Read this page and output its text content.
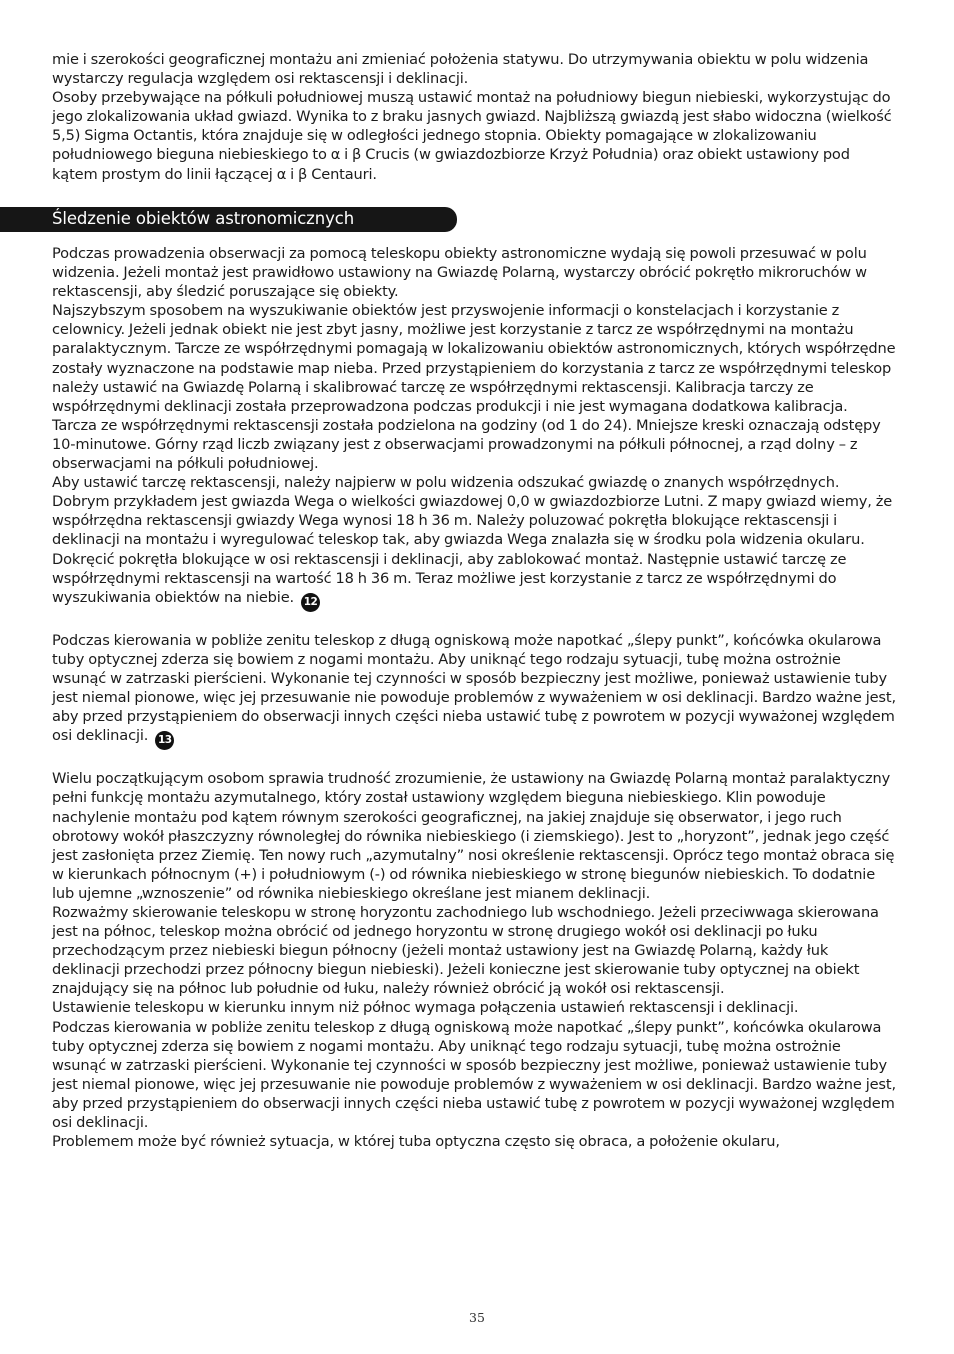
mie i szerokości geograficznej montażu ani zmieniać położenia statywu. Do utrzymywania obiektu w polu widzenia wystarczy regulacja względem osi rektascensji i deklinacji.

Osoby przebywające na półkuli południowej muszą ustawić montaż na południowy biegun niebieski, wykorzystując do jego zlokalizowania układ gwiazd. Wynika to z braku jasnych gwiazd. Najbliższą gwiazdą jest słabo widoczna (wielkość 5,5) Sigma Octantis, która znajduje się w odległości jednego stopnia. Obiekty pomagające w zlokalizowaniu południowego bieguna niebieskiego to α i β Crucis (w gwiazdozbiorze Krzyż Południa) oraz obiekt ustawiony pod kątem prostym do linii łączącej α i β Centauri.

Śledzenie obiektów astronomicznych

Podczas prowadzenia obserwacji za pomocą teleskopu obiekty astronomiczne wydają się powoli przesuwać w polu widzenia. Jeżeli montaż jest prawidłowo ustawiony na Gwiazdę Polarną, wystarczy obrócić pokrętło mikroruchów w rektascensji, aby śledzić poruszające się obiekty.

Najszybszym sposobem na wyszukiwanie obiektów jest przyswojenie informacji o konstelacjach i korzystanie z celownicy. Jeżeli jednak obiekt nie jest zbyt jasny, możliwe jest korzystanie z tarcz ze współrzędnymi na montażu paralaktycznym. Tarcze ze współrzędnymi pomagają w lokalizowaniu obiektów astronomicznych, których współrzędne zostały wyznaczone na podstawie map nieba. Przed przystąpieniem do korzystania z tarcz ze współrzędnymi teleskop należy ustawić na Gwiazdę Polarną i skalibrować tarczę ze współrzędnymi rektascensji. Kalibracja tarczy ze współrzędnymi deklinacji została przeprowadzona podczas produkcji i nie jest wymagana dodatkowa kalibracja.

Tarcza ze współrzędnymi rektascensji została podzielona na godziny (od 1 do 24). Mniejsze kreski oznaczają odstępy 10-minutowe. Górny rząd liczb związany jest z obserwacjami prowadzonymi na półkuli północnej, a rząd dolny – z obserwacjami na półkuli południowej.

Aby ustawić tarczę rektascensji, należy najpierw w polu widzenia odszukać gwiazdę o znanych współrzędnych. Dobrym przykładem jest gwiazda Wega o wielkości gwiazdowej 0,0 w gwiazdozbiorze Lutni. Z mapy gwiazd wiemy, że współrzędna rektascensji gwiazdy Wega wynosi 18 h 36 m. Należy poluzować pokrętła blokujące rektascensji i deklinacji na montażu i wyregulować teleskop tak, aby gwiazda Wega znalazła się w środku pola widzenia okularu. Dokręcić pokrętła blokujące w osi rektascensji i deklinacji, aby zablokować montaż. Następnie ustawić tarczę ze współrzędnymi rektascensji na wartość 18 h 36 m. Teraz możliwe jest korzystanie z tarcz ze współrzędnymi do wyszukiwania obiektów na niebie. 12

Podczas kierowania w pobliże zenitu teleskop z długą ogniskową może napotkać „ślepy punkt”, końcówka okularowa tuby optycznej zderza się bowiem z nogami montażu. Aby uniknąć tego rodzaju sytuacji, tubę można ostrożnie wsunąć w zatrzaski pierścieni. Wykonanie tej czynności w sposób bezpieczny jest możliwe, ponieważ ustawienie tuby jest niemal pionowe, więc jej przesuwanie nie powoduje problemów z wyważeniem w osi deklinacji. Bardzo ważne jest, aby przed przystąpieniem do obserwacji innych części nieba ustawić tubę z powrotem w pozycji wyważonej względem osi deklinacji. 13

Wielu początkującym osobom sprawia trudność zrozumienie, że ustawiony na Gwiazdę Polarną montaż paralaktyczny pełni funkcję montażu azymutalnego, który został ustawiony względem bieguna niebieskiego. Klin powoduje nachylenie montażu pod kątem równym szerokości geograficznej, na jakiej znajduje się obserwator, i jego ruch obrotowy wokół płaszczyzny równoległej do równika niebieskiego (i ziemskiego). Jest to „horyzont”, jednak jego część jest zasłonięta przez Ziemię. Ten nowy ruch „azymutalny” nosi określenie rektascensji. Oprócz tego montaż obraca się w kierunkach północnym (+) i południowym (-) od równika niebieskiego w stronę biegunów niebieskich. To dodatnie lub ujemne „wznoszenie” od równika niebieskiego określane jest mianem deklinacji.

Rozważmy skierowanie teleskopu w stronę horyzontu zachodniego lub wschodniego. Jeżeli przeciwwaga skierowana jest na północ, teleskop można obrócić od jednego horyzontu w stronę drugiego wokół osi deklinacji po łuku przechodzącym przez niebieski biegun północny (jeżeli montaż ustawiony jest na Gwiazdę Polarną, każdy łuk deklinacji przechodzi przez północny biegun niebieski). Jeżeli konieczne jest skierowanie tuby optycznej na obiekt znajdujący się na północ lub południe od łuku, należy również obrócić ją wokół osi rektascensji.

Ustawienie teleskopu w kierunku innym niż północ wymaga połączenia ustawień rektascensji i deklinacji.

Podczas kierowania w pobliże zenitu teleskop z długą ogniskową może napotkać „ślepy punkt”, końcówka okularowa tuby optycznej zderza się bowiem z nogami montażu. Aby uniknąć tego rodzaju sytuacji, tubę można ostrożnie wsunąć w zatrzaski pierścieni. Wykonanie tej czynności w sposób bezpieczny jest możliwe, ponieważ ustawienie tuby jest niemal pionowe, więc jej przesuwanie nie powoduje problemów z wyważeniem w osi deklinacji. Bardzo ważne jest, aby przed przystąpieniem do obserwacji innych części nieba ustawić tubę z powrotem w pozycji wyważonej względem osi deklinacji.

Problemem może być również sytuacja, w której tuba optyczna często się obraca, a położenie okularu,

35
